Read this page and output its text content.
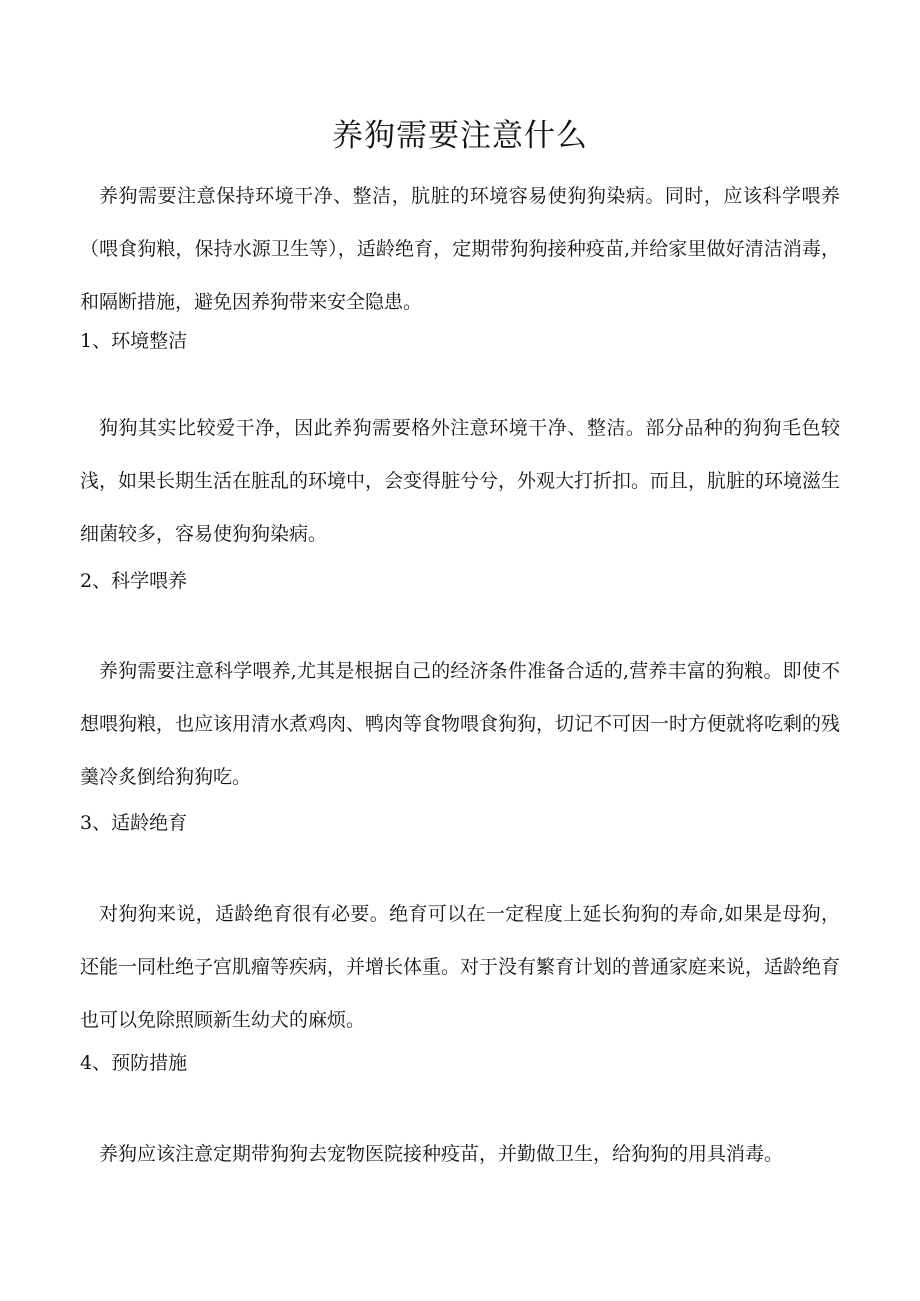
养狗需要注意什么

养狗需要注意保持环境干净、整洁，肮脏的环境容易使狗狗染病。同时，应该科学喂养（喂食狗粮，保持水源卫生等），适龄绝育，定期带狗狗接种疫苗,并给家里做好清洁消毒，和隔断措施，避免因养狗带来安全隐患。

1、环境整洁

狗狗其实比较爱干净，因此养狗需要格外注意环境干净、整洁。部分品种的狗狗毛色较浅，如果长期生活在脏乱的环境中，会变得脏兮兮，外观大打折扣。而且，肮脏的环境滋生细菌较多，容易使狗狗染病。

2、科学喂养

养狗需要注意科学喂养,尤其是根据自己的经济条件准备合适的,营养丰富的狗粮。即使不想喂狗粮，也应该用清水煮鸡肉、鸭肉等食物喂食狗狗，切记不可因一时方便就将吃剩的残羹冷炙倒给狗狗吃。

3、适龄绝育

对狗狗来说，适龄绝育很有必要。绝育可以在一定程度上延长狗狗的寿命,如果是母狗，还能一同杜绝子宫肌瘤等疾病，并增长体重。对于没有繁育计划的普通家庭来说，适龄绝育也可以免除照顾新生幼犬的麻烦。

4、预防措施

养狗应该注意定期带狗狗去宠物医院接种疫苗，并勤做卫生，给狗狗的用具消毒。
